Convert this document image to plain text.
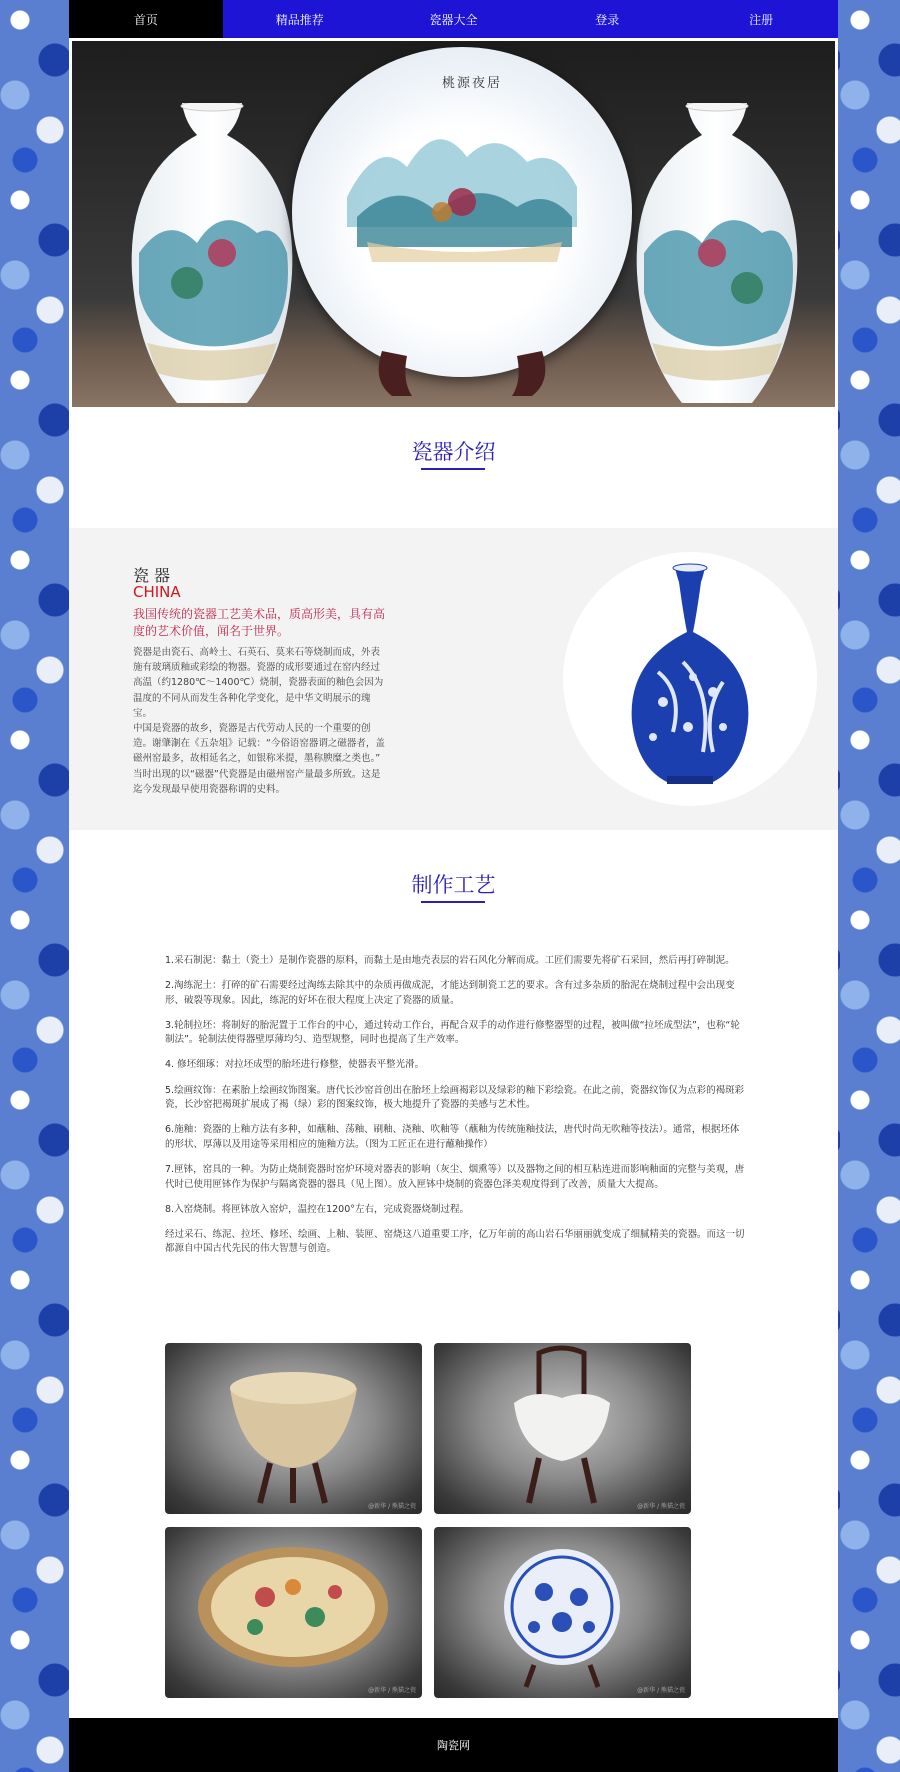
首页	精品推荐	瓷器大全	登录	注册
桃源夜居
瓷器介绍
瓷器
CHINA
我国传统的瓷器工艺美术品，质高形美，具有高度的艺术价值，闻名于世界。

瓷器是由瓷石、高岭土、石英石、莫来石等烧制而成，外表施有玻璃质釉或彩绘的物器。瓷器的成形要通过在窑内经过高温（约1280℃～1400℃）烧制，瓷器表面的釉色会因为温度的不同从而发生各种化学变化，是中华文明展示的瑰宝。

中国是瓷器的故乡，瓷器是古代劳动人民的一个重要的创造。谢肇淛在《五杂俎》记载：“今俗语窑器谓之磁器者，盖磁州窑最多，故相延名之，如银称米提，墨称腴糜之类也。” 当时出现的以“磁器”代瓷器是由磁州窑产量最多所致。这是迄今发现最早使用瓷器称谓的史料。

制作工艺

1.采石制泥：黏土（瓷土）是制作瓷器的原料，而黏土是由地壳表层的岩石风化分解而成。工匠们需要先将矿石采回，然后再打碎制泥。

2.淘练泥土：打碎的矿石需要经过淘练去除其中的杂质再做成泥，才能达到制瓷工艺的要求。含有过多杂质的胎泥在烧制过程中会出现变形、破裂等现象。因此，练泥的好坏在很大程度上决定了瓷器的质量。

3.轮制拉坯：将制好的胎泥置于工作台的中心，通过转动工作台，再配合双手的动作进行修整器型的过程，被叫做“拉坯成型法”，也称“轮制法”。轮制法使得器壁厚薄均匀、造型规整，同时也提高了生产效率。

4. 修坯细琢：对拉坯成型的胎坯进行修整，使器表平整光滑。

5.绘画纹饰：在素胎上绘画纹饰图案。唐代长沙窑首创出在胎坯上绘画褐彩以及绿彩的釉下彩绘瓷。在此之前，瓷器纹饰仅为点彩的褐斑彩瓷，长沙窑把褐斑扩展成了褐（绿）彩的图案纹饰，极大地提升了瓷器的美感与艺术性。

6.施釉：瓷器的上釉方法有多种，如蘸釉、荡釉、刷釉、浇釉、吹釉等（蘸釉为传统施釉技法，唐代时尚无吹釉等技法）。通常，根据坯体的形状、厚薄以及用途等采用相应的施釉方法。（图为工匠正在进行蘸釉操作）

7.匣钵，窑具的一种。为防止烧制瓷器时窑炉环境对器表的影响（灰尘、烟熏等）以及器物之间的相互粘连进而影响釉面的完整与美观，唐代时已使用匣钵作为保护与隔离瓷器的器具（见上图）。放入匣钵中烧制的瓷器色泽美观度得到了改善，质量大大提高。

8.入窑烧制。将匣钵放入窑炉，温控在1200°左右，完成瓷器烧制过程。

经过采石、练泥、拉坯、修坯、绘画、上釉、装匣、窑烧这八道重要工序，亿万年前的高山岩石华丽丽就变成了细腻精美的瓷器。而这一切都源自中国古代先民的伟大智慧与创造。

@新华 / 熊猫之瓷	@新华 / 熊猫之瓷
@新华 / 熊猫之瓷	@新华 / 熊猫之瓷
陶瓷网
